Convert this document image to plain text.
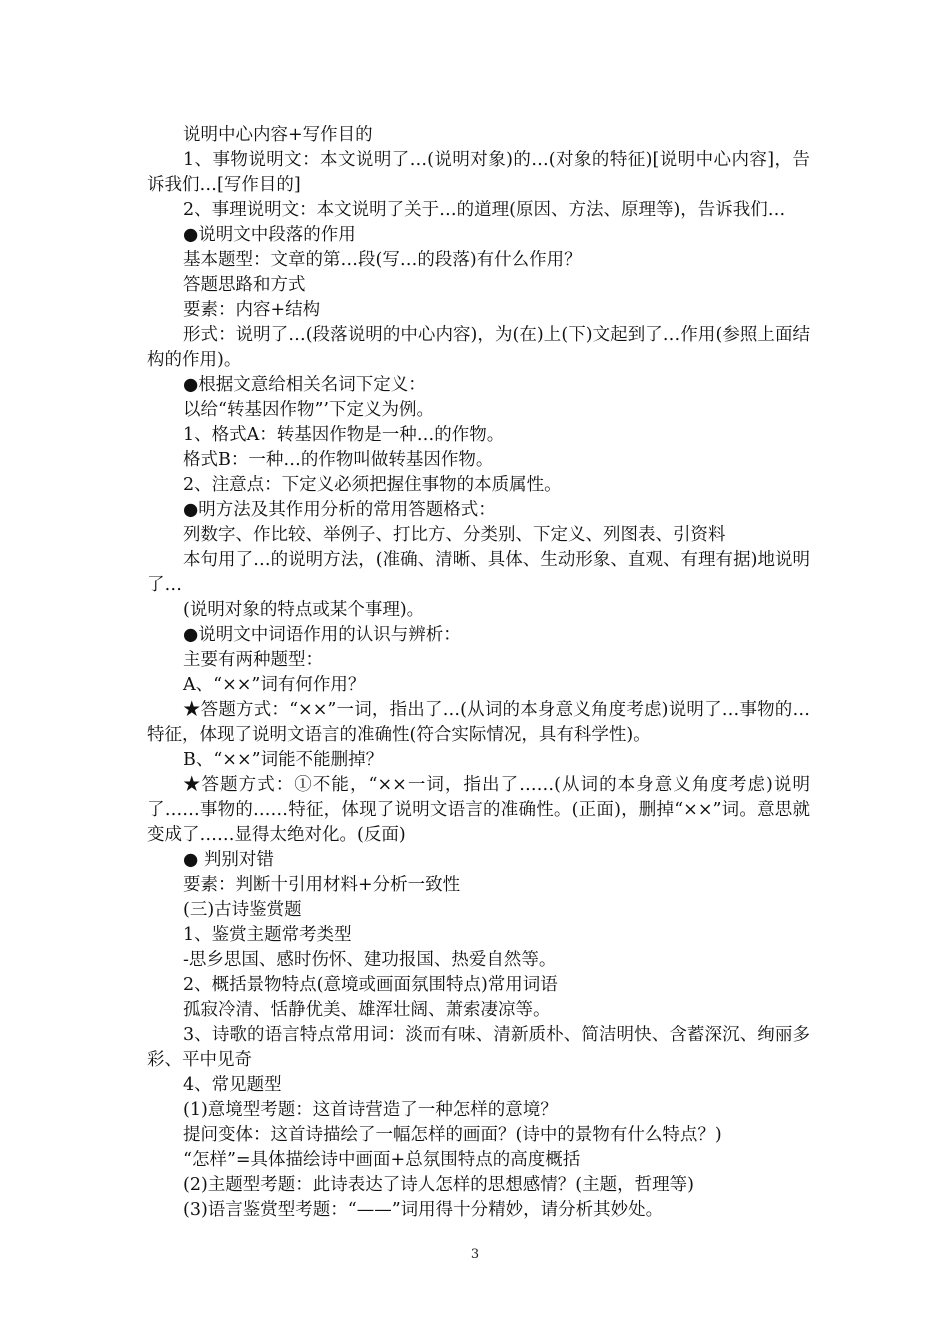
说明中心内容+写作目的

1、事物说明文：本文说明了…(说明对象)的…(对象的特征)[说明中心内容]，告诉我们…[写作目的]

2、事理说明文：本文说明了关于…的道理(原因、方法、原理等)，告诉我们…

●说明文中段落的作用

基本题型：文章的第…段(写…的段落)有什么作用？

答题思路和方式

要素：内容+结构

形式：说明了…(段落说明的中心内容)，为(在)上(下)文起到了…作用(参照上面结构的作用)。

●根据文意给相关名词下定义：

以给“转基因作物”’下定义为例。

1、格式A：转基因作物是一种…的作物。

格式B：一种…的作物叫做转基因作物。

2、注意点：下定义必须把握住事物的本质属性。

●明方法及其作用分析的常用答题格式：

列数字、作比较、举例子、打比方、分类别、下定义、列图表、引资料

本句用了…的说明方法，(准确、清晰、具体、生动形象、直观、有理有据)地说明了…

(说明对象的特点或某个事理)。

●说明文中词语作用的认识与辨析：

主要有两种题型：

A、“××”词有何作用？

★答题方式：“××”一词，指出了…(从词的本身意义角度考虑)说明了…事物的…特征，体现了说明文语言的准确性(符合实际情况，具有科学性)。

B、“××”词能不能删掉？

★答题方式：①不能，“××一词，指出了……(从词的本身意义角度考虑)说明了……事物的……特征，体现了说明文语言的准确性。(正面)，删掉“××”词。意思就变成了……显得太绝对化。(反面)

● 判别对错

要素：判断十引用材料+分析一致性

(三)古诗鉴赏题

1、鉴赏主题常考类型

-思乡思国、感时伤怀、建功报国、热爱自然等。

2、概括景物特点(意境或画面氛围特点)常用词语

孤寂冷清、恬静优美、雄浑壮阔、萧索凄凉等。

3、诗歌的语言特点常用词：淡而有味、清新质朴、简洁明快、含蓄深沉、绚丽多彩、平中见奇

4、常见题型

(1)意境型考题：这首诗营造了一种怎样的意境？

提问变体：这首诗描绘了一幅怎样的画面？(诗中的景物有什么特点？)

“怎样”=具体描绘诗中画面+总氛围特点的高度概括

(2)主题型考题：此诗表达了诗人怎样的思想感情？(主题，哲理等)

(3)语言鉴赏型考题：“——”词用得十分精妙，请分析其妙处。

3
